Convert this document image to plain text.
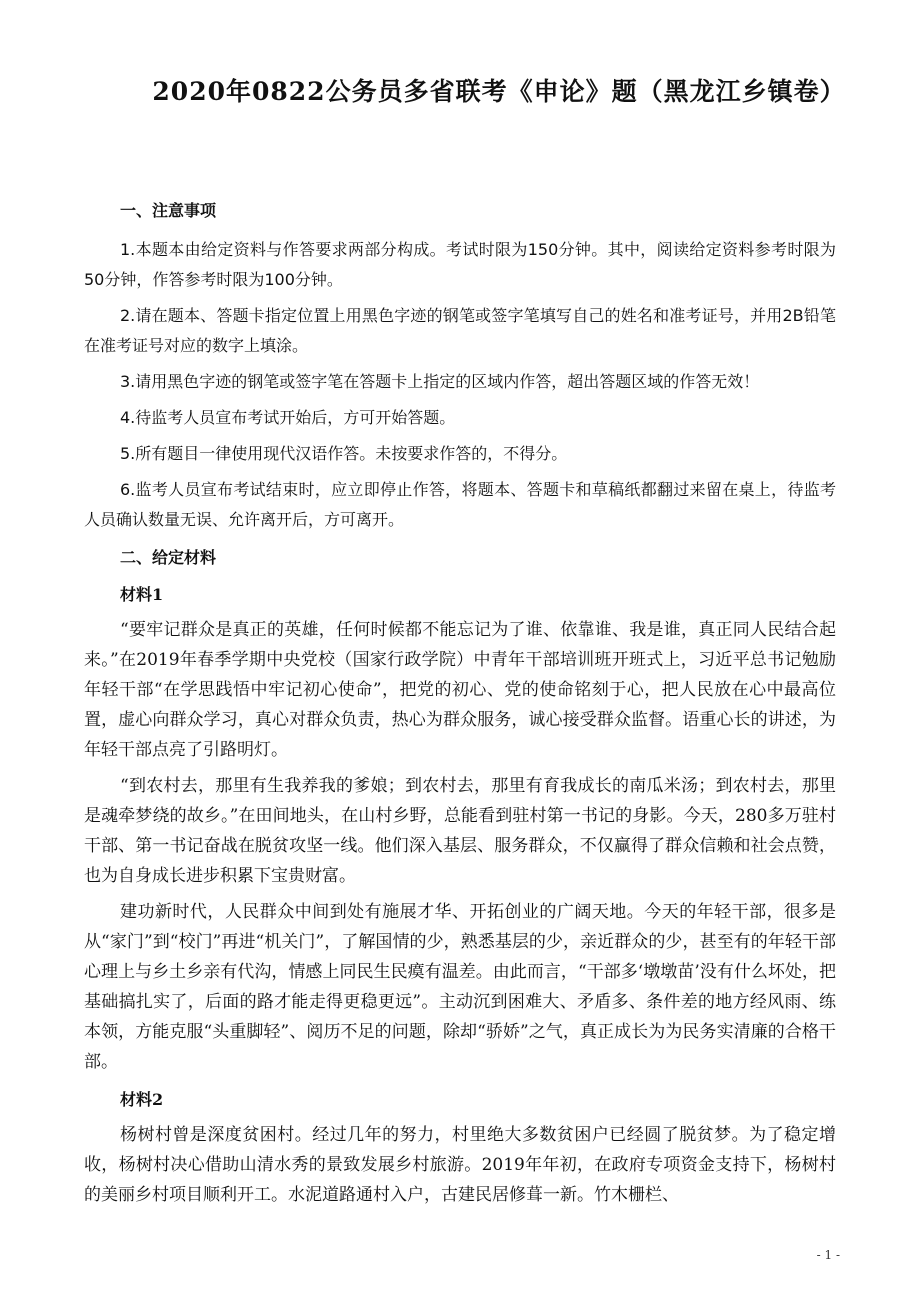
2020年0822公务员多省联考《申论》题（黑龙江乡镇卷）
一、注意事项

1.本题本由给定资料与作答要求两部分构成。考试时限为150分钟。其中，阅读给定资料参考时限为50分钟，作答参考时限为100分钟。

2.请在题本、答题卡指定位置上用黑色字迹的钢笔或签字笔填写自己的姓名和准考证号，并用2B铅笔在准考证号对应的数字上填涂。

3.请用黑色字迹的钢笔或签字笔在答题卡上指定的区域内作答，超出答题区域的作答无效！

4.待监考人员宣布考试开始后，方可开始答题。

5.所有题目一律使用现代汉语作答。未按要求作答的，不得分。

6.监考人员宣布考试结束时，应立即停止作答，将题本、答题卡和草稿纸都翻过来留在桌上，待监考人员确认数量无误、允许离开后，方可离开。

二、给定材料
材料1

“要牢记群众是真正的英雄，任何时候都不能忘记为了谁、依靠谁、我是谁，真正同人民结合起来。”在2019年春季学期中央党校（国家行政学院）中青年干部培训班开班式上，习近平总书记勉励年轻干部“在学思践悟中牢记初心使命”，把党的初心、党的使命铭刻于心，把人民放在心中最高位置，虚心向群众学习，真心对群众负责，热心为群众服务，诚心接受群众监督。语重心长的讲述，为年轻干部点亮了引路明灯。

“到农村去，那里有生我养我的爹娘；到农村去，那里有育我成长的南瓜米汤；到农村去，那里是魂牵梦绕的故乡。”在田间地头，在山村乡野，总能看到驻村第一书记的身影。今天，280多万驻村干部、第一书记奋战在脱贫攻坚一线。他们深入基层、服务群众，不仅赢得了群众信赖和社会点赞，也为自身成长进步积累下宝贵财富。

建功新时代，人民群众中间到处有施展才华、开拓创业的广阔天地。今天的年轻干部，很多是从“家门”到“校门”再进“机关门”，了解国情的少，熟悉基层的少，亲近群众的少，甚至有的年轻干部心理上与乡土乡亲有代沟，情感上同民生民瘼有温差。由此而言，“干部多‘墩墩苗’没有什么坏处，把基础搞扎实了，后面的路才能走得更稳更远”。主动沉到困难大、矛盾多、条件差的地方经风雨、练本领，方能克服“头重脚轻”、阅历不足的问题，除却“骄娇”之气，真正成长为为民务实清廉的合格干部。

材料2

杨树村曾是深度贫困村。经过几年的努力，村里绝大多数贫困户已经圆了脱贫梦。为了稳定增收，杨树村决心借助山清水秀的景致发展乡村旅游。2019年年初，在政府专项资金支持下，杨树村的美丽乡村项目顺利开工。水泥道路通村入户，古建民居修葺一新。竹木栅栏、

- 1 -
